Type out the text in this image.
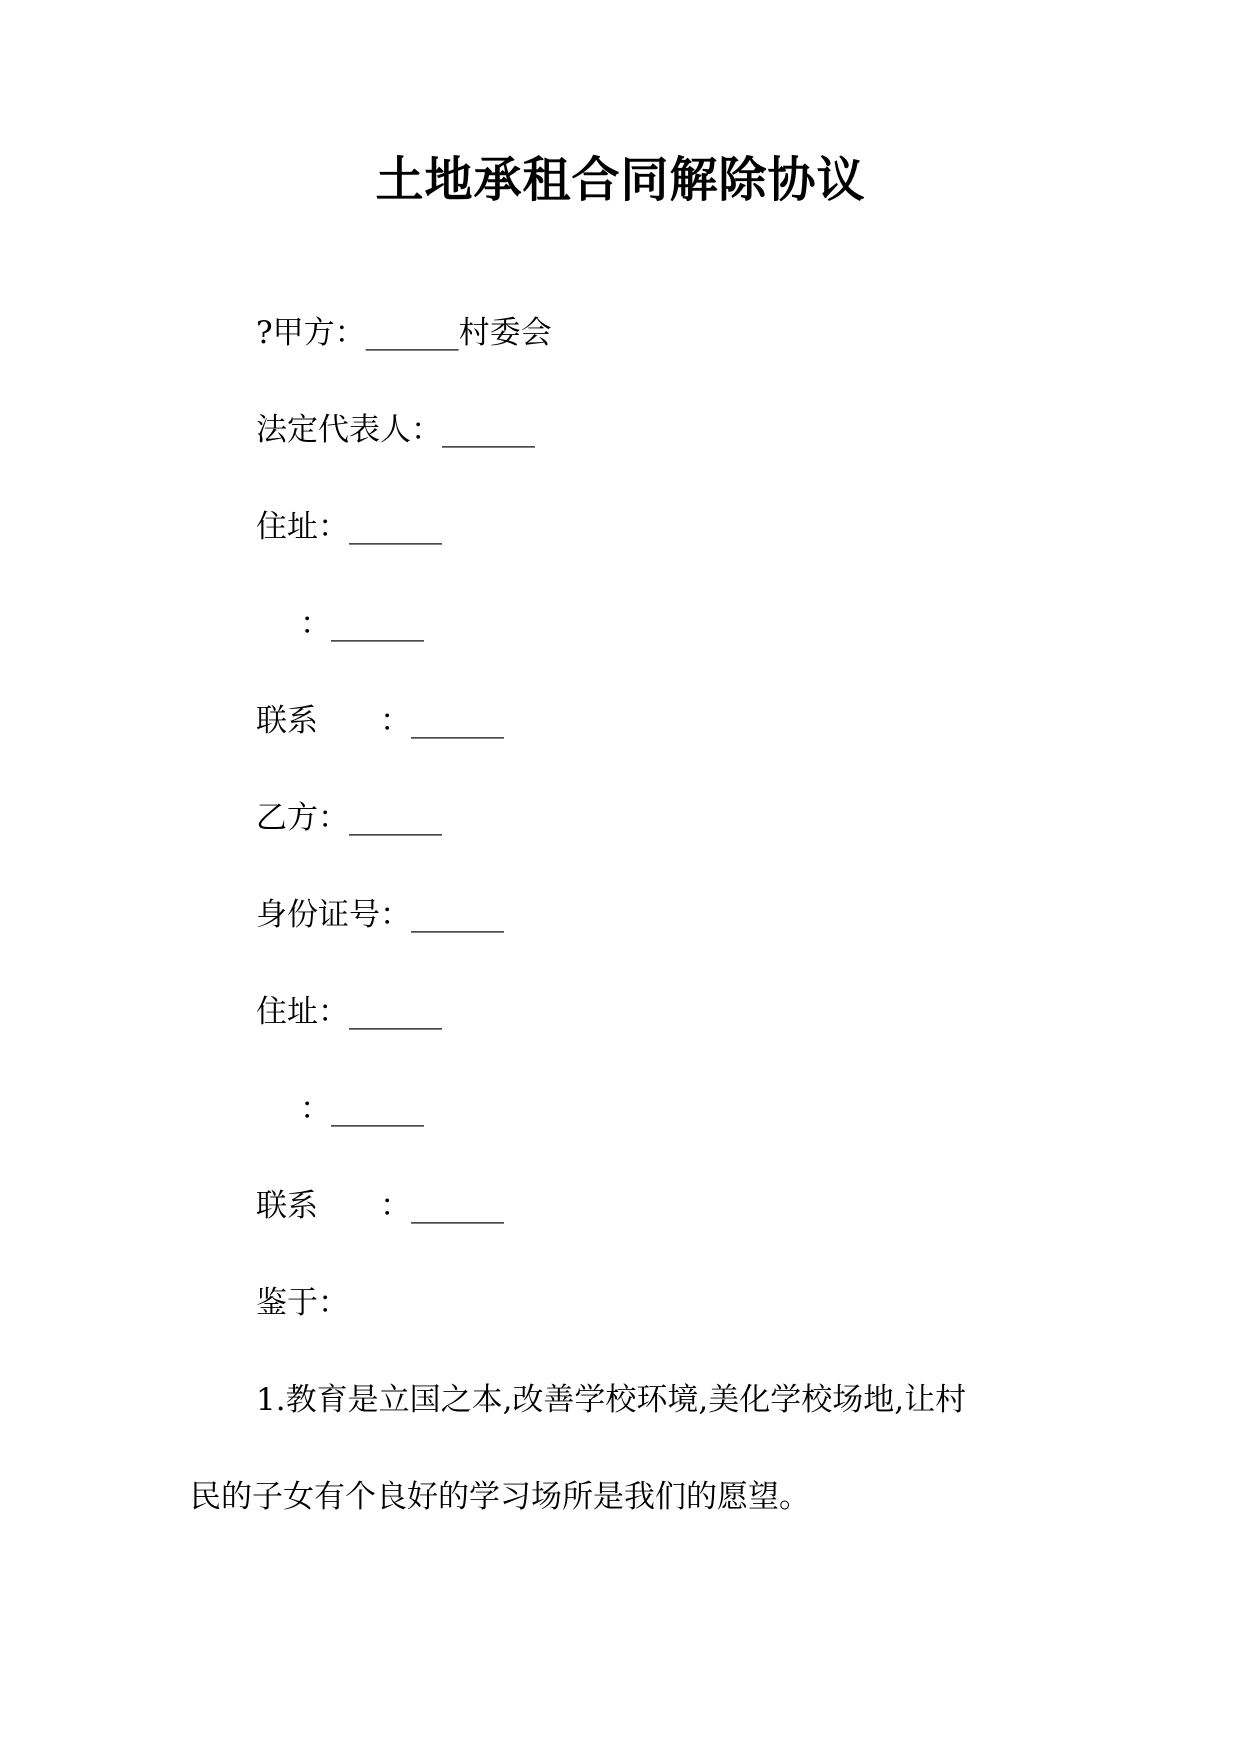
土地承租合同解除协议
?甲方：______村委会
法定代表人：______
住址：______
：______
联系　　：______
乙方：______
身份证号：______
住址：______
：______
联系　　：______
鉴于：
1.教育是立国之本,改善学校环境,美化学校场地,让村
民的子女有个良好的学习场所是我们的愿望。
